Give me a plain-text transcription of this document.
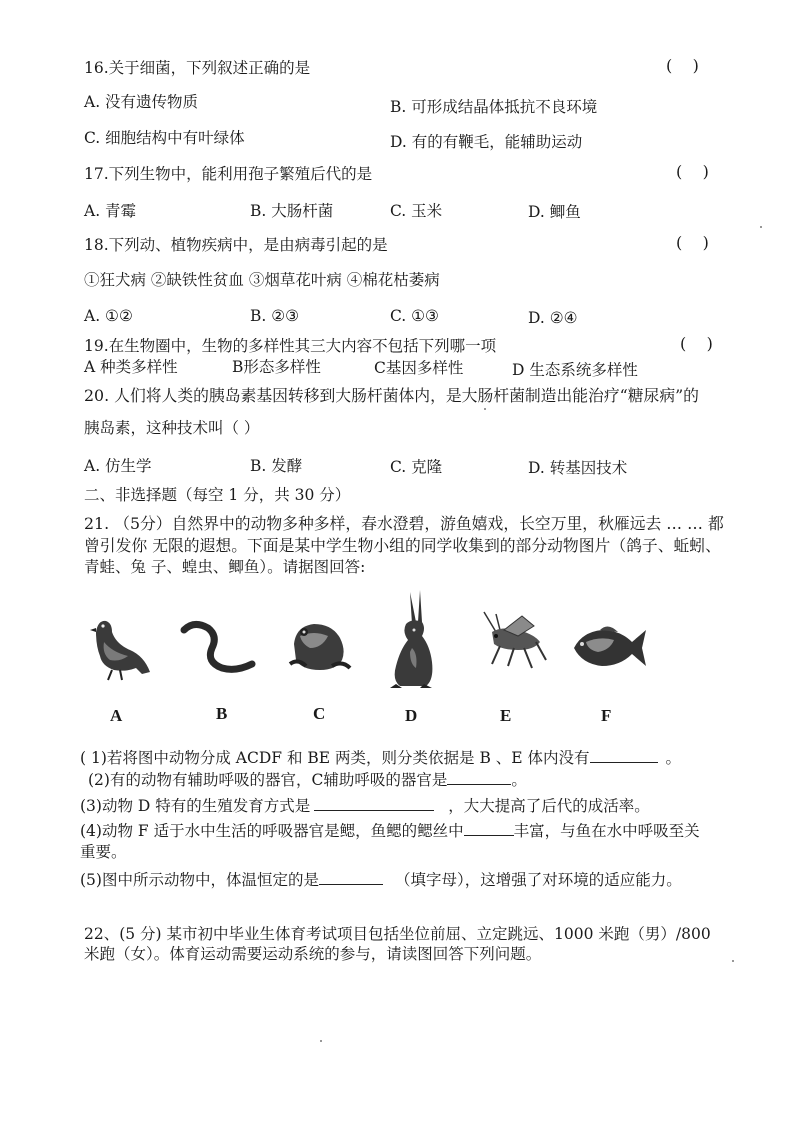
16.关于细菌，下列叙述正确的是	(    )
A. 没有遗传物质	B. 可形成结晶体抵抗不良环境
C. 细胞结构中有叶绿体	D. 有的有鞭毛，能辅助运动
17.下列生物中，能利用孢子繁殖后代的是	(    )
A. 青霉	B. 大肠杆菌	C. 玉米	D. 鲫鱼
18.下列动、植物疾病中，是由病毒引起的是	(    )
①狂犬病 ②缺铁性贫血 ③烟草花叶病 ④棉花枯萎病
A. ①②	B. ②③	C. ①③	D. ②④
19.在生物圈中，生物的多样性其三大内容不包括下列哪一项	(    )
A 种类多样性	B形态多样性	C基因多样性	D 生态系统多样性
20. 人们将人类的胰岛素基因转移到大肠杆菌体内，是大肠杆菌制造出能治疗“糖尿病”的
胰岛素，这种技术叫（ ）
A. 仿生学	B. 发酵	C. 克隆	D. 转基因技术
二、非选择题（每空 1 分，共 30 分）
21. （5分）自然界中的动物多种多样，春水澄碧，游鱼嬉戏，长空万里，秋雁远去 … … 都
曾引发你 无限的遐想。下面是某中学生物小组的同学收集到的部分动物图片（鸽子、蚯蚓、
青蛙、兔 子、蝗虫、鲫鱼）。请据图回答:
A	B	C	D	E	F
( 1)若将图中动物分成 ACDF 和 BE 两类，则分类依据是 B 、E 体内没有	。
(2)有的动物有辅助呼吸的器官，C辅助呼吸的器官是	。
(3)动物 D 特有的生殖发育方式是	，大大提高了后代的成活率。
(4)动物 F 适于水中生活的呼吸器官是鳃，鱼鳃的鳃丝中	丰富，与鱼在水中呼吸至关
重要。
(5)图中所示动物中，体温恒定的是	（填字母），这增强了对环境的适应能力。
22、(5 分) 某市初中毕业生体育考试项目包括坐位前屈、立定跳远、1000 米跑（男）/800
米跑（女）。体育运动需要运动系统的参与，请读图回答下列问题。
